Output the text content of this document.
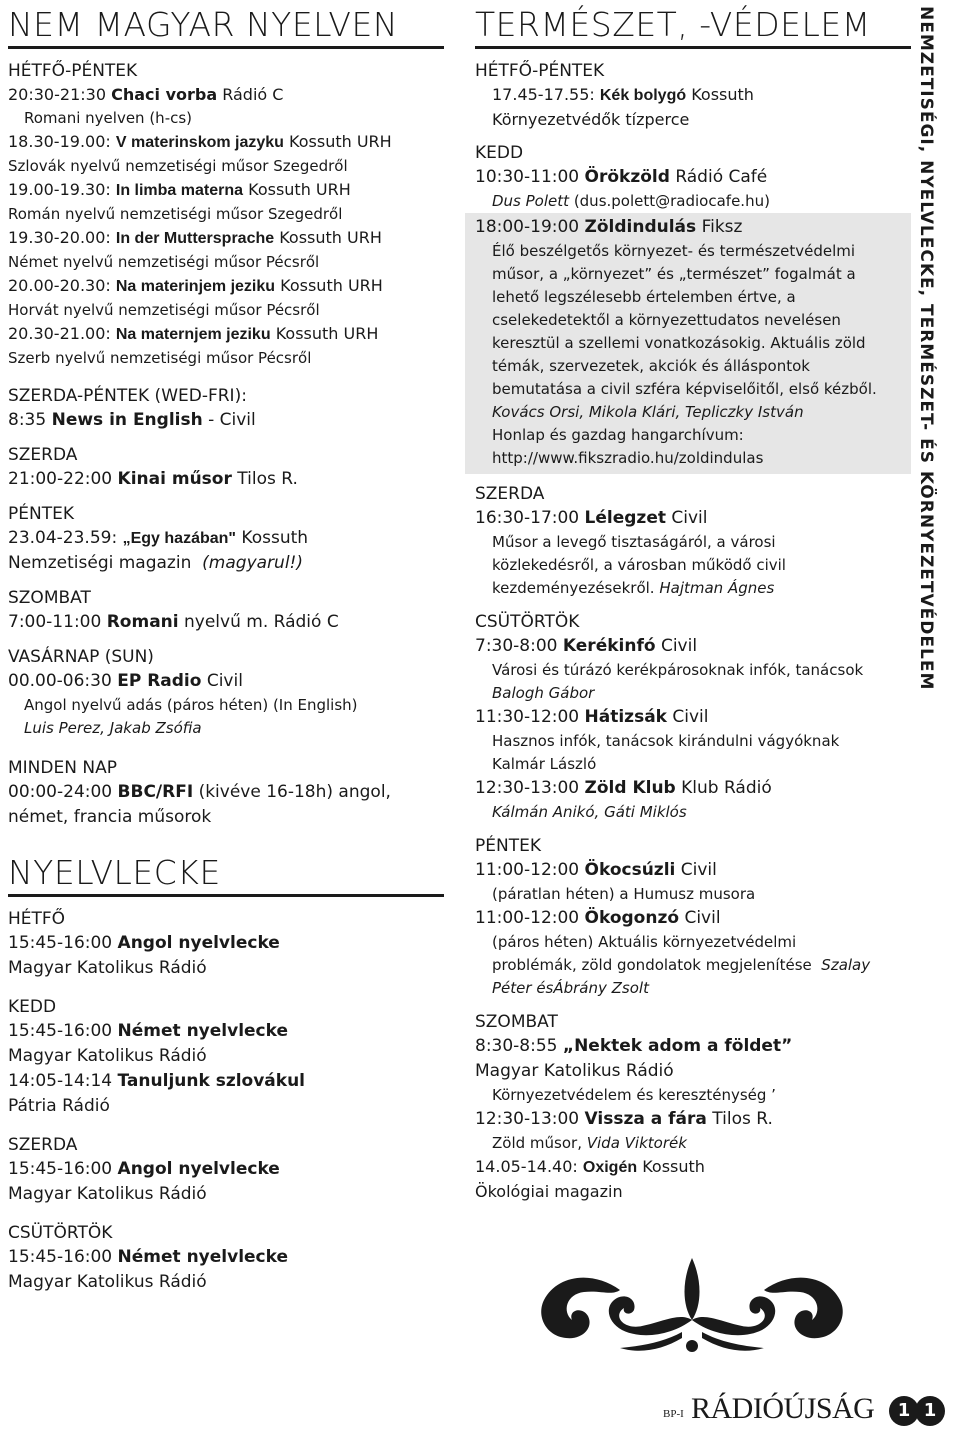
NEM MAGYAR NYELVEN
HÉTFŐ-PÉNTEK
20:30-21:30 Chaci vorba Rádió C
Romani nyelven (h-cs)
18.30-19.00: V materinskom jazyku Kossuth URH
Szlovák nyelvű nemzetiségi műsor Szegedről
19.00-19.30: In limba materna Kossuth URH
Román nyelvű nemzetiségi műsor Szegedről
19.30-20.00: In der Muttersprache Kossuth URH
Német nyelvű nemzetiségi műsor Pécsről
20.00-20.30: Na materinjem jeziku Kossuth URH
Horvát nyelvű nemzetiségi műsor Pécsről
20.30-21.00: Na maternjem jeziku Kossuth URH
Szerb nyelvű nemzetiségi műsor Pécsről
SZERDA-PÉNTEK (WED-FRI):
8:35 News in English - Civil
SZERDA
21:00-22:00 Kinai műsor Tilos R.
PÉNTEK
23.04-23.59: „Egy hazában" Kossuth
Nemzetiségi magazin (magyarul!)
SZOMBAT
7:00-11:00 Romani nyelvű m. Rádió C
VASÁRNAP (SUN)
00.00-06:30 EP Radio Civil
Angol nyelvű adás (páros héten) (In English)
Luis Perez, Jakab Zsófia
MINDEN NAP
00:00-24:00 BBC/RFI (kivéve 16-18h) angol,
német, francia műsorok
NYELVLECKE
HÉTFŐ
15:45-16:00 Angol nyelvlecke
Magyar Katolikus Rádió
KEDD
15:45-16:00 Német nyelvlecke
Magyar Katolikus Rádió
14:05-14:14 Tanuljunk szlovákul
Pátria Rádió
SZERDA
15:45-16:00 Angol nyelvlecke
Magyar Katolikus Rádió
CSÜTÖRTÖK
15:45-16:00 Német nyelvlecke
Magyar Katolikus Rádió
TERMÉSZET, -VÉDELEM
HÉTFŐ-PÉNTEK
17.45-17.55: Kék bolygó Kossuth
Környezetvédők tízperce
KEDD
10:30-11:00 Örökzöld Rádió Café
Dus Polett (dus.polett@radiocafe.hu)
18:00-19:00 Zöldindulás Fiksz
Élő beszélgetős környezet- és természetvédelmi
műsor, a „környezet” és „természet” fogalmát a
lehető legszélesebb értelemben értve, a
cselekedetektől a környezettudatos nevelésen
keresztül a szellemi vonatkozásokig. Aktuális zöld
témák, szervezetek, akciók és álláspontok
bemutatása a civil szféra képviselőitől, első kézből.
Kovács Orsi, Mikola Klári, Tepliczky István
Honlap és gazdag hangarchívum:
http://www.fikszradio.hu/zoldindulas
SZERDA
16:30-17:00 Lélegzet Civil
Műsor a levegő tisztaságáról, a városi
közlekedésről, a városban működő civil
kezdeményezésekről. Hajtman Ágnes
CSÜTÖRTÖK
7:30-8:00 Kerékinfó Civil
Városi és túrázó kerékpárosoknak infók, tanácsok
Balogh Gábor
11:30-12:00 Hátizsák Civil
Hasznos infók, tanácsok kirándulni vágyóknak
Kalmár László
12:30-13:00 Zöld Klub Klub Rádió
Kálmán Anikó, Gáti Miklós
PÉNTEK
11:00-12:00 Ökocsúzli Civil
(páratlan héten) a Humusz musora
11:00-12:00 Ökogonzó Civil
(páros héten) Aktuális környezetvédelmi
problémák, zöld gondolatok megjelenítése Szalay
Péter ésÁbrány Zsolt
SZOMBAT
8:30-8:55 „Nektek adom a földet”
Magyar Katolikus Rádió
Környezetvédelem és kereszténység ’
12:30-13:00 Vissza a fára Tilos R.
Zöld műsor, Vida Viktorék
14.05-14.40: Oxigén Kossuth
Ökológiai magazin
NEMZETISÉGI, NYELVLECKE, TERMÉSZET- ÉS KÖRNYEZETVÉDELEM
BP-I RÁDIÓÚJSÁG	1 1
